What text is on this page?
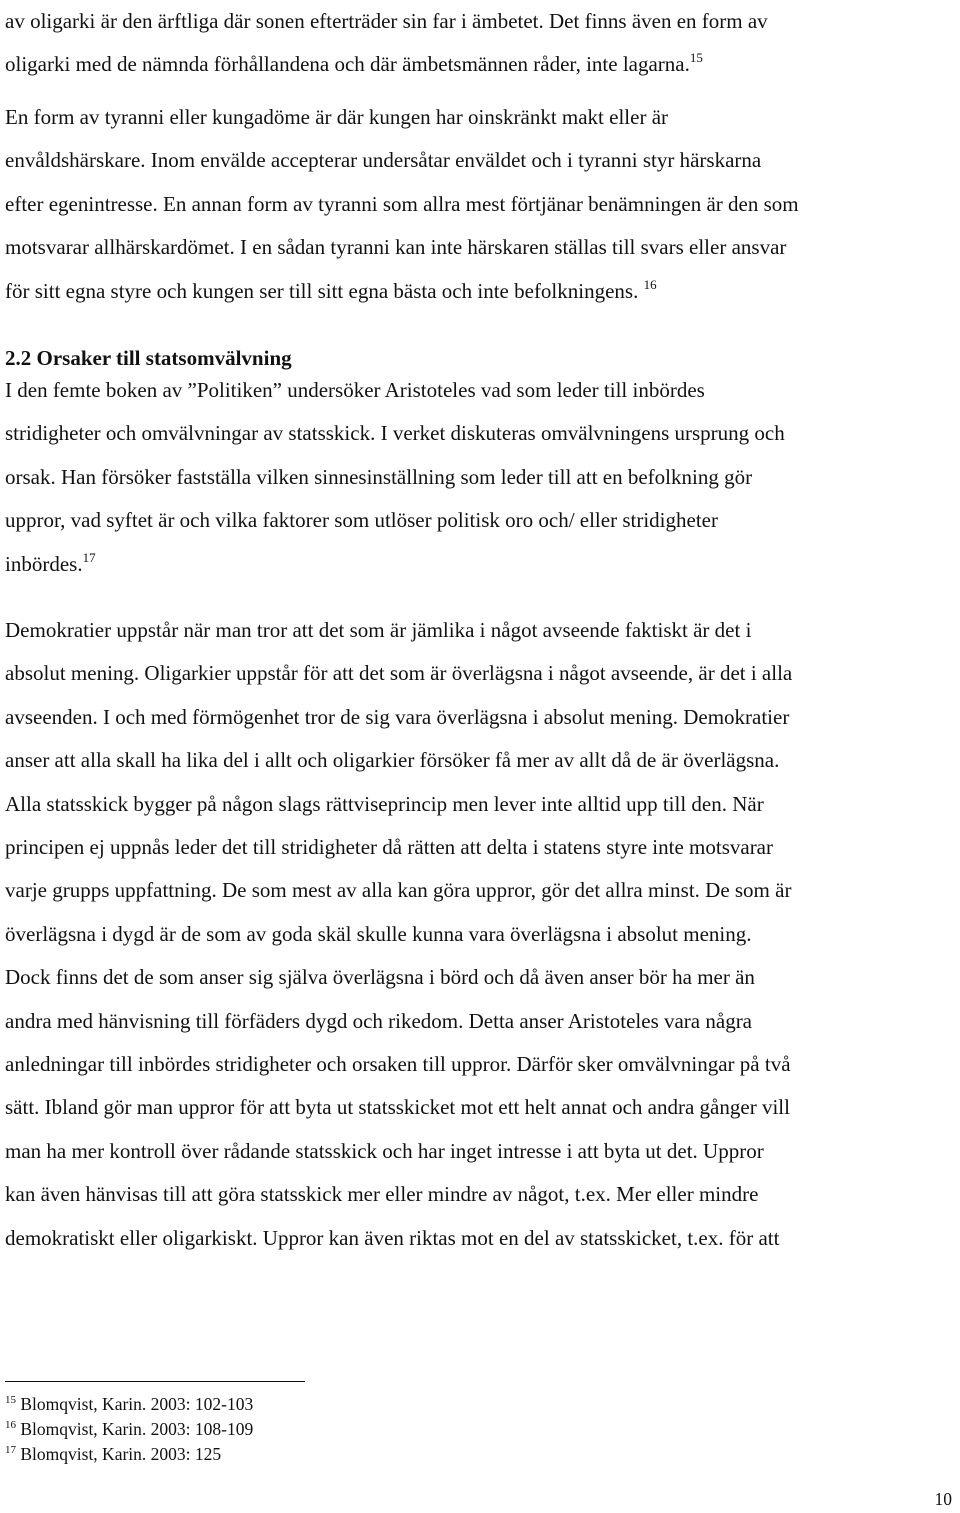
av oligarki är den ärftliga där sonen efterträder sin far i ämbetet. Det finns även en form av
oligarki med de nämnda förhållandena och där ämbetsmännen råder, inte lagarna.$^{15}$

En form av tyranni eller kungadöme är där kungen har oinskränkt makt eller är
envåldshärskare. Inom envälde accepterar undersåtar enväldet och i tyranni styr härskarna
efter egenintresse. En annan form av tyranni som allra mest förtjänar benämningen är den som
motsvarar allhärskardömet. I en sådan tyranni kan inte härskaren ställas till svars eller ansvar
för sitt egna styre och kungen ser till sitt egna bästa och inte befolkningens. $^{16}$

2.2 Orsaker till statsomvälvning

I den femte boken av ”Politiken” undersöker Aristoteles vad som leder till inbördes
stridigheter och omvälvningar av statsskick. I verket diskuteras omvälvningens ursprung och
orsak. Han försöker fastställa vilken sinnesinställning som leder till att en befolkning gör
uppror, vad syftet är och vilka faktorer som utlöser politisk oro och/ eller stridigheter
inbördes.$^{17}$

Demokratier uppstår när man tror att det som är jämlika i något avseende faktiskt är det i
absolut mening. Oligarkier uppstår för att det som är överlägsna i något avseende, är det i alla
avseenden. I och med förmögenhet tror de sig vara överlägsna i absolut mening. Demokratier
anser att alla skall ha lika del i allt och oligarkier försöker få mer av allt då de är överlägsna.
Alla statsskick bygger på någon slags rättviseprincip men lever inte alltid upp till den. När
principen ej uppnås leder det till stridigheter då rätten att delta i statens styre inte motsvarar
varje grupps uppfattning. De som mest av alla kan göra uppror, gör det allra minst. De som är
överlägsna i dygd är de som av goda skäl skulle kunna vara överlägsna i absolut mening.
Dock finns det de som anser sig själva överlägsna i börd och då även anser bör ha mer än
andra med hänvisning till förfäders dygd och rikedom. Detta anser Aristoteles vara några
anledningar till inbördes stridigheter och orsaken till uppror. Därför sker omvälvningar på två
sätt. Ibland gör man uppror för att byta ut statsskicket mot ett helt annat och andra gånger vill
man ha mer kontroll över rådande statsskick och har inget intresse i att byta ut det. Uppror
kan även hänvisas till att göra statsskick mer eller mindre av något, t.ex. Mer eller mindre
demokratiskt eller oligarkiskt. Uppror kan även riktas mot en del av statsskicket, t.ex. för att

$^{15}$ Blomqvist, Karin. 2003: 102-103
$^{16}$ Blomqvist, Karin. 2003: 108-109
$^{17}$ Blomqvist, Karin. 2003: 125
10
